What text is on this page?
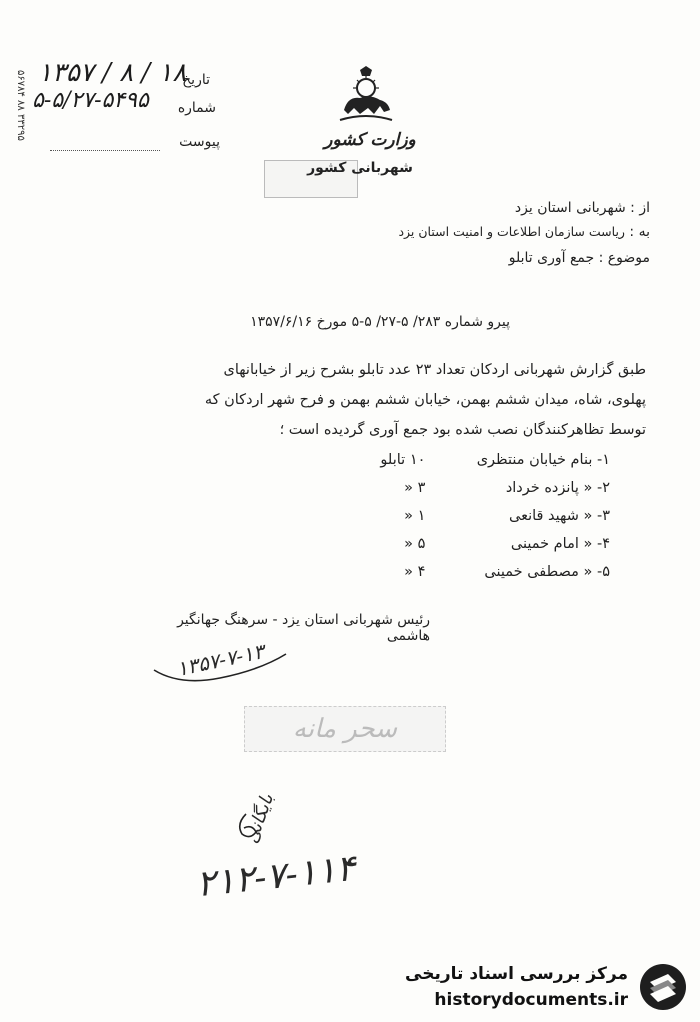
۵۶۷۸۴ ۸۸ ۳۳۲۹۵ ۱۳۵۷ / ۸ / ۱۸
۵-۵/۲۷-۵۴۹۵
تاریخ
شماره
پیوست	وزارت کشور
شهربانی کشور
از : شهربانی استان یزد
به : ریاست سازمان اطلاعات و امنیت استان یزد
موضوع : جمع آوری تابلو
پیرو شماره ۲۸۳/ ۵-۲۷/ ۵-۵ مورخ ۱۳۵۷/۶/۱۶
طبق گزارش شهربانی اردکان تعداد ۲۳ عدد تابلو بشرح زیر از خیابانهای
پهلوی، شاه، میدان ششم بهمن، خیابان ششم بهمن و فرح شهر اردکان که
توسط تظاهرکنندگان نصب شده بود جمع آوری گردیده است ؛
۱- بنام خیابان منتظری ۱۰ تابلو
۲- « پانزده خرداد ۳ «
۳- « شهید قانعی ۱ «
۴- « امام خمینی ۵ «
۵- « مصطفی خمینی ۴ «
رئیس شهربانی استان یزد - سرهنگ جهانگیر هاشمی
۱۳۵۷-۷-۱۳
سحر مانه
بایگانی
۲۱۲-۷-۱۱۴
مرکز بررسی اسناد تاریخی
historydocuments.ir
